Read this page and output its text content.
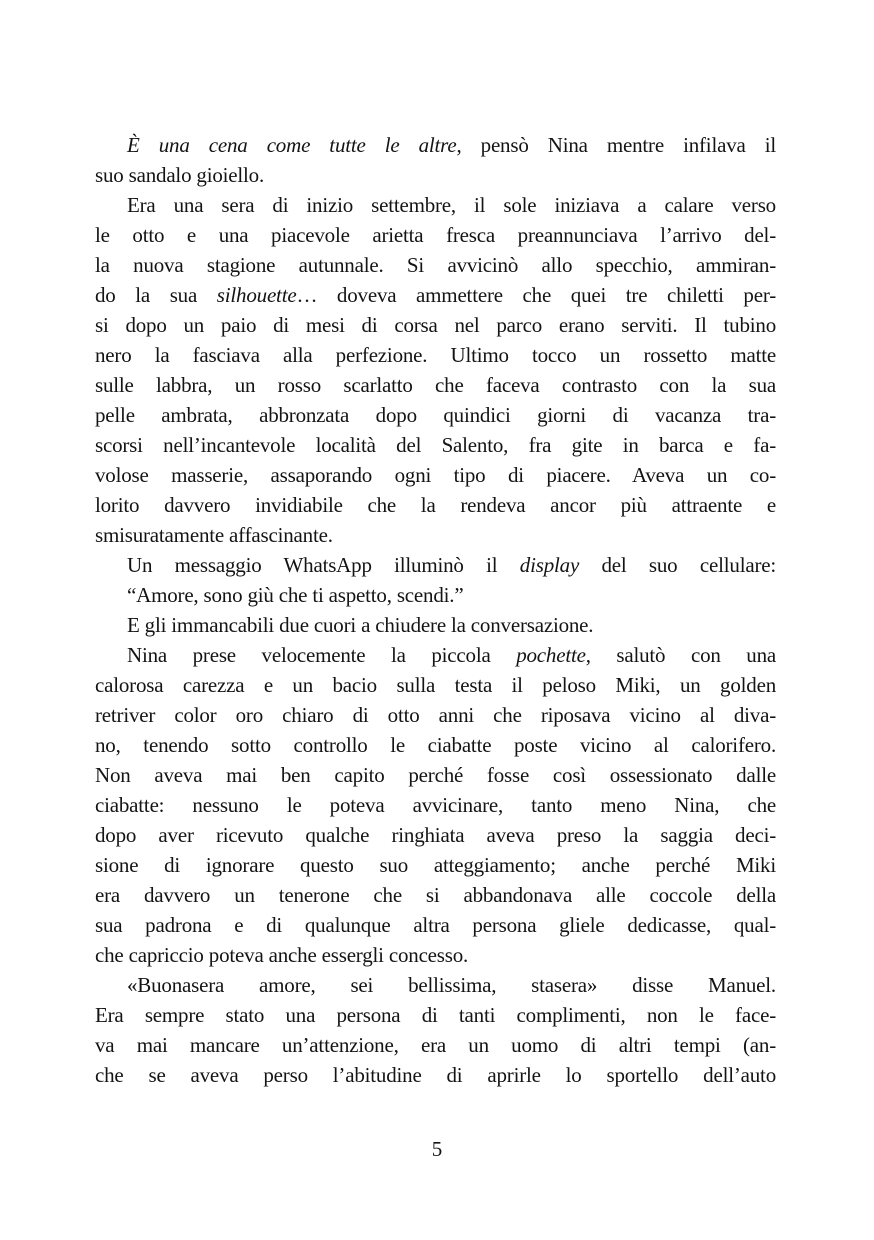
È una cena come tutte le altre, pensò Nina mentre infilava il
suo sandalo gioiello.
Era una sera di inizio settembre, il sole iniziava a calare verso
le otto e una piacevole arietta fresca preannunciava l’arrivo del-
la nuova stagione autunnale. Si avvicinò allo specchio, ammiran-
do la sua silhouette… doveva ammettere che quei tre chiletti per-
si dopo un paio di mesi di corsa nel parco erano serviti. Il tubino
nero la fasciava alla perfezione. Ultimo tocco un rossetto matte
sulle labbra, un rosso scarlatto che faceva contrasto con la sua
pelle ambrata, abbronzata dopo quindici giorni di vacanza tra-
scorsi nell’incantevole località del Salento, fra gite in barca e fa-
volose masserie, assaporando ogni tipo di piacere. Aveva un co-
lorito davvero invidiabile che la rendeva ancor più attraente e
smisuratamente affascinante.
Un messaggio WhatsApp illuminò il display del suo cellulare:
“Amore, sono giù che ti aspetto, scendi.”
E gli immancabili due cuori a chiudere la conversazione.
Nina prese velocemente la piccola pochette, salutò con una
calorosa carezza e un bacio sulla testa il peloso Miki, un golden
retriver color oro chiaro di otto anni che riposava vicino al diva-
no, tenendo sotto controllo le ciabatte poste vicino al calorifero.
Non aveva mai ben capito perché fosse così ossessionato dalle
ciabatte: nessuno le poteva avvicinare, tanto meno Nina, che
dopo aver ricevuto qualche ringhiata aveva preso la saggia deci-
sione di ignorare questo suo atteggiamento; anche perché Miki
era davvero un tenerone che si abbandonava alle coccole della
sua padrona e di qualunque altra persona gliele dedicasse, qual-
che capriccio poteva anche essergli concesso.
«Buonasera amore, sei bellissima, stasera» disse Manuel.
Era sempre stato una persona di tanti complimenti, non le face-
va mai mancare un’attenzione, era un uomo di altri tempi (an-
che se aveva perso l’abitudine di aprirle lo sportello dell’auto
5
